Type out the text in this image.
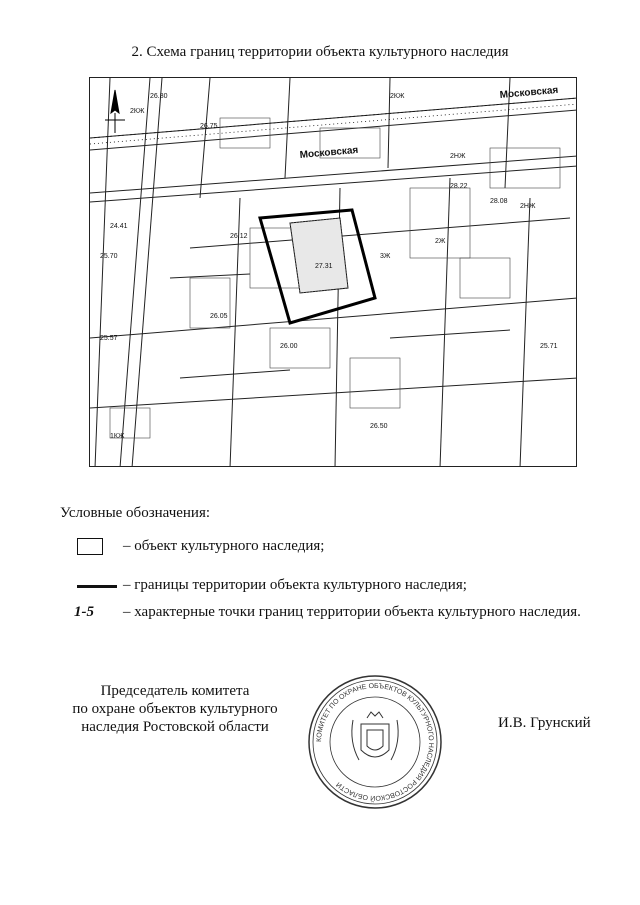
2. Схема границ территории объекта культурного наследия
Московская
Московская
2КЖ
26.80
26.75
2КЖ
28.22
28.08
26.12
2Ж
25.70
2НЖ
27.31
1КЖ
25.57
26.05
2НЖ
3Ж
26.00	25.71
24.41
26.50
Условные обозначения:
– объект культурного наследия;
– границы территории объекта культурного наследия;
1-5 – характерные точки границ территории объекта культурного наследия.
Председатель комитета
по охране объектов культурного
наследия Ростовской области
КОМИТЕТ ПО ОХРАНЕ ОБЪЕКТОВ КУЛЬТУРНОГО НАСЛЕДИЯ РОСТОВСКОЙ ОБЛАСТИ
И.В. Грунский
